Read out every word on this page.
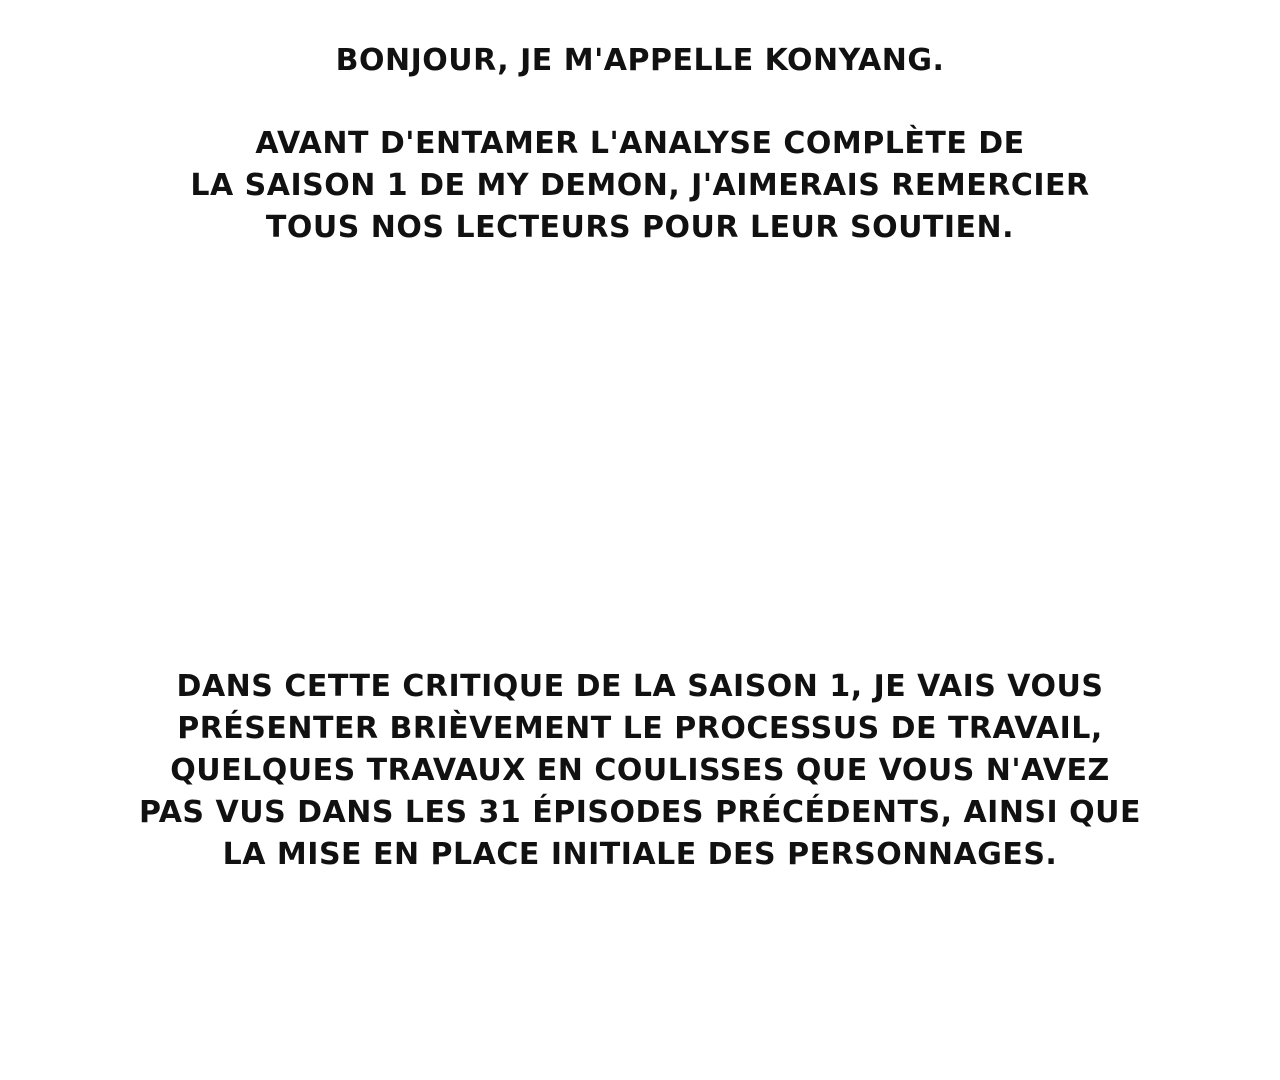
BONJOUR, JE M'APPELLE KONYANG.
AVANT D'ENTAMER L'ANALYSE COMPLÈTE DE
LA SAISON 1 DE MY DEMON, J'AIMERAIS REMERCIER
TOUS NOS LECTEURS POUR LEUR SOUTIEN.
DANS CETTE CRITIQUE DE LA SAISON 1, JE VAIS VOUS
PRÉSENTER BRIÈVEMENT LE PROCESSUS DE TRAVAIL,
QUELQUES TRAVAUX EN COULISSES QUE VOUS N'AVEZ
PAS VUS DANS LES 31 ÉPISODES PRÉCÉDENTS, AINSI QUE
LA MISE EN PLACE INITIALE DES PERSONNAGES.
